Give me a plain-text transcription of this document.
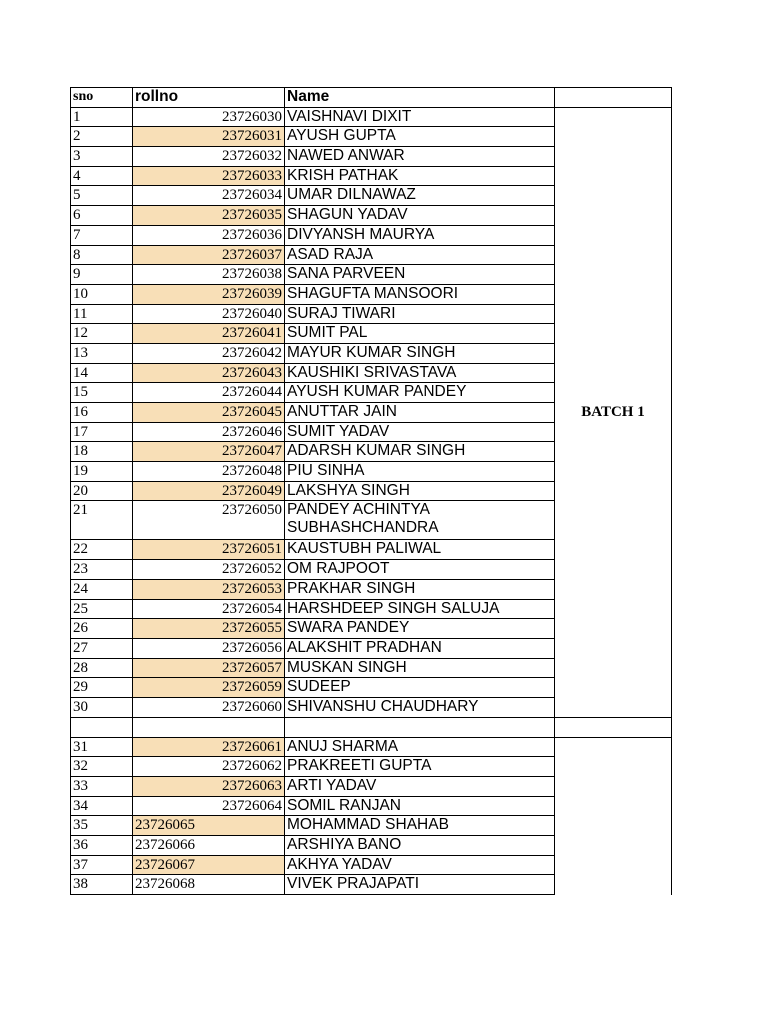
sno	rollno	Name	
1	23726030	VAISHNAVI DIXIT	BATCH 1
2	23726031	AYUSH GUPTA	
3	23726032	NAWED ANWAR	
4	23726033	KRISH PATHAK	
5	23726034	UMAR DILNAWAZ	
6	23726035	SHAGUN YADAV	
7	23726036	DIVYANSH MAURYA	
8	23726037	ASAD RAJA	
9	23726038	SANA PARVEEN	
10	23726039	SHAGUFTA MANSOORI	
11	23726040	SURAJ TIWARI	
12	23726041	SUMIT PAL	
13	23726042	MAYUR KUMAR SINGH	
14	23726043	KAUSHIKI SRIVASTAVA	
15	23726044	AYUSH KUMAR PANDEY	
16	23726045	ANUTTAR JAIN	
17	23726046	SUMIT YADAV	
18	23726047	ADARSH KUMAR SINGH	
19	23726048	PIU SINHA	
20	23726049	LAKSHYA SINGH	
21	23726050	PANDEY ACHINTYA SUBHASHCHANDRA	
22	23726051	KAUSTUBH PALIWAL	
23	23726052	OM RAJPOOT	
24	23726053	PRAKHAR SINGH	
25	23726054	HARSHDEEP SINGH SALUJA	
26	23726055	SWARA PANDEY	
27	23726056	ALAKSHIT PRADHAN	
28	23726057	MUSKAN SINGH	
29	23726059	SUDEEP	
30	23726060	SHIVANSHU CHAUDHARY	

31	23726061	ANUJ SHARMA	
32	23726062	PRAKREETI GUPTA	
33	23726063	ARTI YADAV	
34	23726064	SOMIL RANJAN	
35	23726065	MOHAMMAD SHAHAB	
36	23726066	ARSHIYA BANO	
37	23726067	AKHYA YADAV	
38	23726068	VIVEK PRAJAPATI	
